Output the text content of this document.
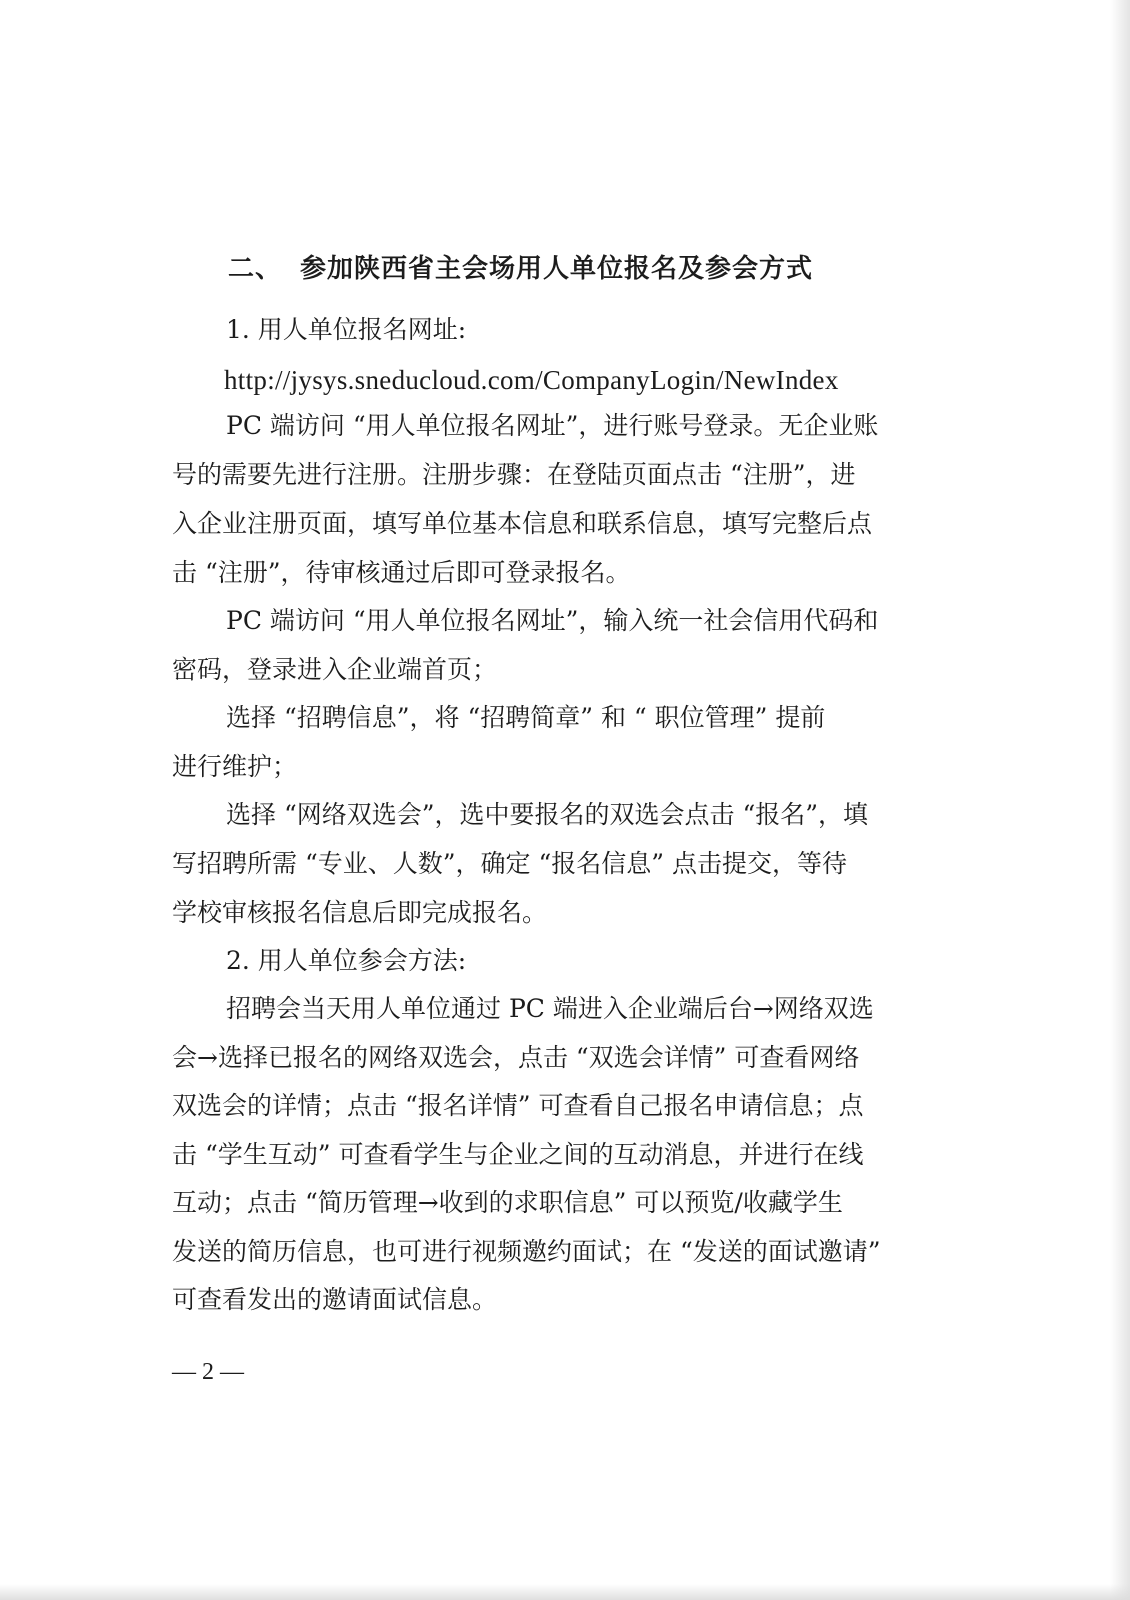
二、 参加陕西省主会场用人单位报名及参会方式
1. 用人单位报名网址:
http://jysys.sneducloud.com/CompanyLogin/NewIndex
PC 端访问 “用人单位报名网址”，进行账号登录。无企业账
号的需要先进行注册。注册步骤：在登陆页面点击 “注册”，进
入企业注册页面，填写单位基本信息和联系信息，填写完整后点
击 “注册”，待审核通过后即可登录报名。
PC 端访问 “用人单位报名网址”，输入统一社会信用代码和
密码，登录进入企业端首页；
选择 “招聘信息”，将 “招聘简章” 和 “ 职位管理” 提前
进行维护；
选择 “网络双选会”，选中要报名的双选会点击 “报名”，填
写招聘所需 “专业、人数”，确定 “报名信息” 点击提交，等待
学校审核报名信息后即完成报名。
2. 用人单位参会方法:
招聘会当天用人单位通过 PC 端进入企业端后台→网络双选
会→选择已报名的网络双选会，点击 “双选会详情” 可查看网络
双选会的详情；点击 “报名详情” 可查看自己报名申请信息；点
击 “学生互动” 可查看学生与企业之间的互动消息，并进行在线
互动；点击 “简历管理→收到的求职信息” 可以预览/收藏学生
发送的简历信息，也可进行视频邀约面试；在 “发送的面试邀请”
可查看发出的邀请面试信息。
— 2 —
